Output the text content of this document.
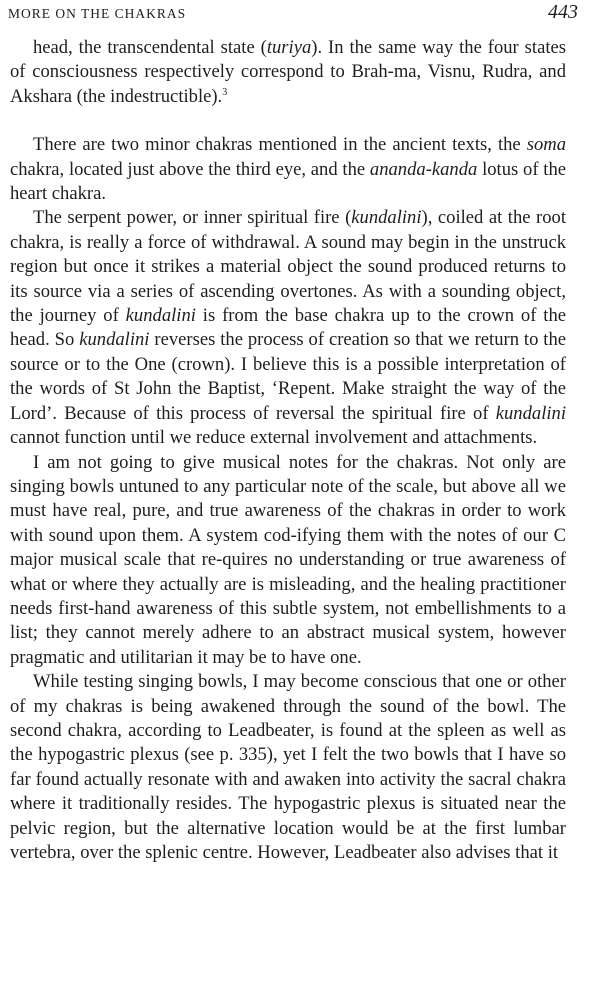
MORE ON THE CHAKRAS	443

head, the transcendental state (turiya). In the same way the four states of consciousness respectively correspond to Brah-ma, Visnu, Rudra, and Akshara (the indestructible).$^3$

There are two minor chakras mentioned in the ancient texts, the soma chakra, located just above the third eye, and the ananda-kanda lotus of the heart chakra.

The serpent power, or inner spiritual fire (kundalini), coiled at the root chakra, is really a force of withdrawal. A sound may begin in the unstruck region but once it strikes a material object the sound produced returns to its source via a series of ascending overtones. As with a sounding object, the journey of kundalini is from the base chakra up to the crown of the head. So kundalini reverses the process of creation so that we return to the source or to the One (crown). I believe this is a possible interpretation of the words of St John the Baptist, ‘Repent. Make straight the way of the Lord’. Because of this process of reversal the spiritual fire of kundalini cannot function until we reduce external involvement and attachments.

I am not going to give musical notes for the chakras. Not only are singing bowls untuned to any particular note of the scale, but above all we must have real, pure, and true awareness of the chakras in order to work with sound upon them. A system cod-ifying them with the notes of our C major musical scale that re-quires no understanding or true awareness of what or where they actually are is misleading, and the healing practitioner needs first-hand awareness of this subtle system, not embellishments to a list; they cannot merely adhere to an abstract musical system, however pragmatic and utilitarian it may be to have one.

While testing singing bowls, I may become conscious that one or other of my chakras is being awakened through the sound of the bowl. The second chakra, according to Leadbeater, is found at the spleen as well as the hypogastric plexus (see p. 335), yet I felt the two bowls that I have so far found actually resonate with and awaken into activity the sacral chakra where it traditionally resides. The hypogastric plexus is situated near the pelvic region, but the alternative location would be at the first lumbar vertebra, over the splenic centre. However, Leadbeater also advises that it
